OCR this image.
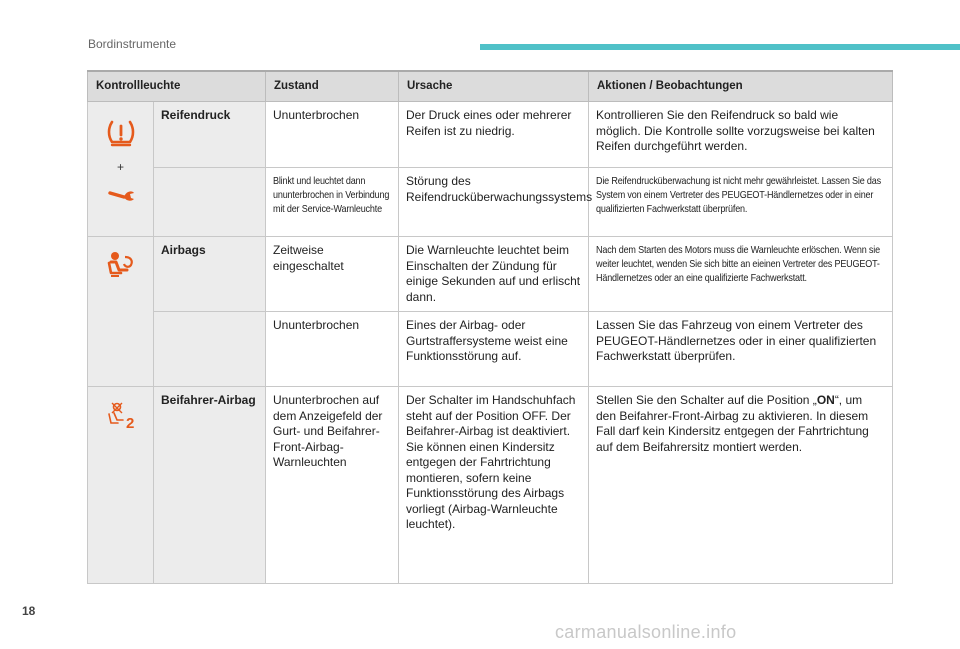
Bordinstrumente
Kontrollleuchte		Zustand	Ursache	Aktionen / Beobachtungen

+	Reifendruck	Ununterbrochen	Der Druck eines oder mehrerer Reifen ist zu niedrig.	Kontrollieren Sie den Reifendruck so bald wie möglich. Die Kontrolle sollte vorzugsweise bei kalten Reifen durchgeführt werden.

		Blinkt und leuchtet dann ununterbrochen in Verbindung mit der Service-Warnleuchte	Störung des Reifendrucküberwachungssystems	Die Reifendrucküberwachung ist nicht mehr gewährleistet. Lassen Sie das System von einem Vertreter des PEUGEOT-Händlernetzes oder in einer qualifizierten Fachwerkstatt überprüfen.

	Airbags	Zeitweise eingeschaltet	Die Warnleuchte leuchtet beim Einschalten der Zündung für einige Sekunden auf und erlischt dann.	Nach dem Starten des Motors muss die Warnleuchte erlöschen. Wenn sie weiter leuchtet, wenden Sie sich bitte an eieinen Vertreter des PEUGEOT-Händlernetzes oder an eine qualifizierte Fachwerkstatt.

		Ununterbrochen	Eines der Airbag- oder Gurtstraffersysteme weist eine Funktionsstörung auf.	Lassen Sie das Fahrzeug von einem Vertreter des PEUGEOT-Händlernetzes oder in einer qualifizierten Fachwerkstatt überprüfen.

2	Beifahrer-Airbag	Ununterbrochen auf dem Anzeigefeld der Gurt- und Beifahrer-Front-Airbag-Warnleuchten	Der Schalter im Handschuhfach steht auf der Position OFF. Der Beifahrer-Airbag ist deaktiviert. Sie können einen Kindersitz entgegen der Fahrtrichtung montieren, sofern keine Funktionsstörung des Airbags vorliegt (Airbag-Warnleuchte leuchtet).	Stellen Sie den Schalter auf die Position „ON“, um den Beifahrer-Front-Airbag zu aktivieren. In diesem Fall darf kein Kindersitz entgegen der Fahrtrichtung auf dem Beifahrersitz montiert werden.
18
carmanualsonline.info
